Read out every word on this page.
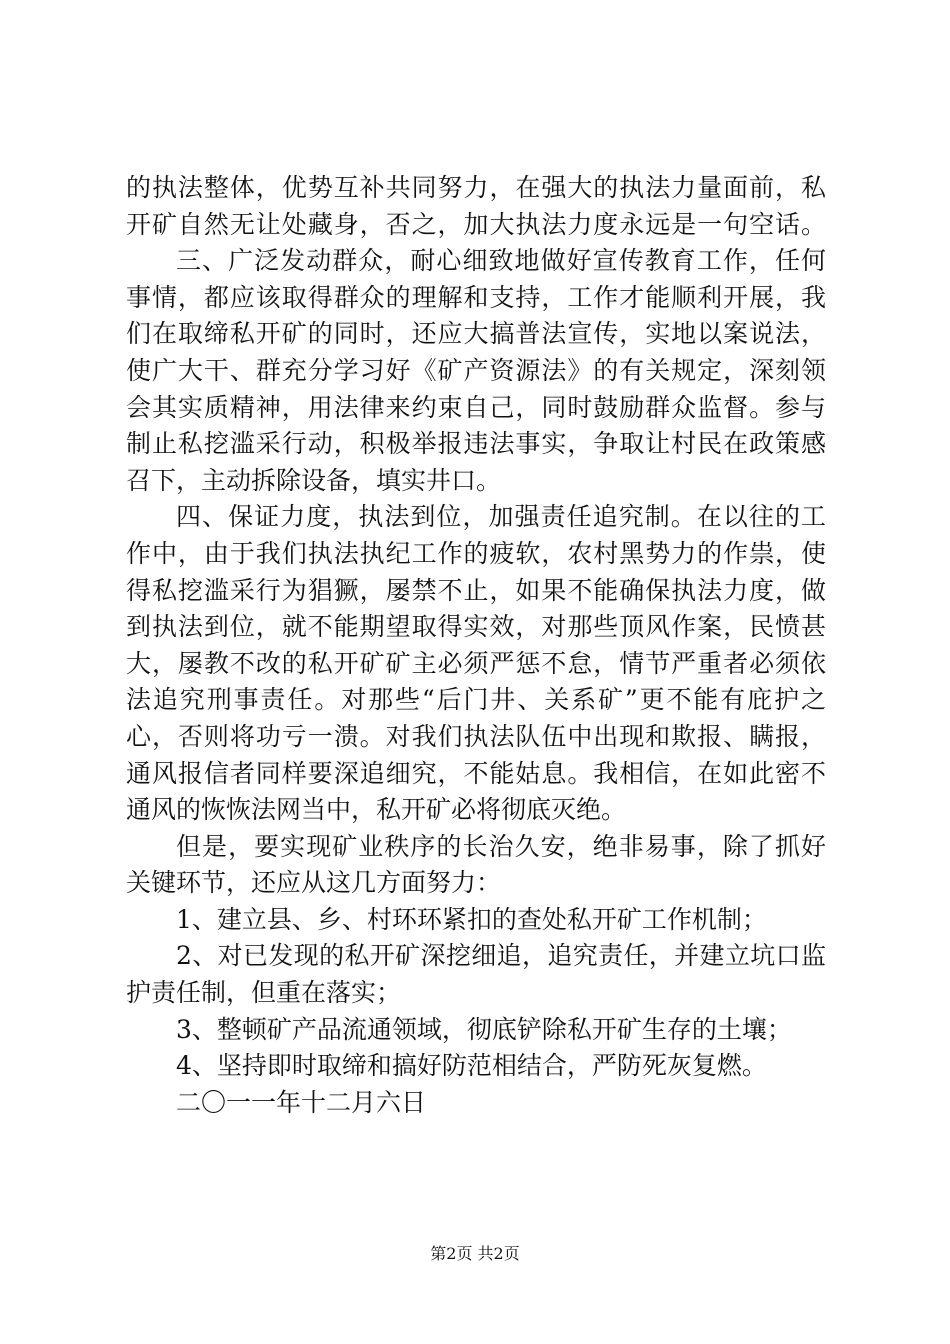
的执法整体，优势互补共同努力，在强大的执法力量面前，私
开矿自然无让处藏身，否之，加大执法力度永远是一句空话。
三、广泛发动群众，耐心细致地做好宣传教育工作，任何
事情，都应该取得群众的理解和支持，工作才能顺利开展，我
们在取缔私开矿的同时，还应大搞普法宣传，实地以案说法，
使广大干、群充分学习好《矿产资源法》的有关规定，深刻领
会其实质精神，用法律来约束自己，同时鼓励群众监督。参与
制止私挖滥采行动，积极举报违法事实，争取让村民在政策感
召下，主动拆除设备，填实井口。
四、保证力度，执法到位，加强责任追究制。在以往的工
作中，由于我们执法执纪工作的疲软，农村黑势力的作祟，使
得私挖滥采行为猖獗，屡禁不止，如果不能确保执法力度，做
到执法到位，就不能期望取得实效，对那些顶风作案，民愤甚
大，屡教不改的私开矿矿主必须严惩不怠，情节严重者必须依
法追究刑事责任。对那些“后门井、关系矿”更不能有庇护之
心，否则将功亏一溃。对我们执法队伍中出现和欺报、瞒报，
通风报信者同样要深追细究，不能姑息。我相信，在如此密不
通风的恢恢法网当中，私开矿必将彻底灭绝。
但是，要实现矿业秩序的长治久安，绝非易事，除了抓好
关键环节，还应从这几方面努力：
1、建立县、乡、村环环紧扣的查处私开矿工作机制；
2、对已发现的私开矿深挖细追，追究责任，并建立坑口监
护责任制，但重在落实；
3、整顿矿产品流通领域，彻底铲除私开矿生存的土壤；
4、坚持即时取缔和搞好防范相结合，严防死灰复燃。
二〇一一年十二月六日
第2页 共2页
